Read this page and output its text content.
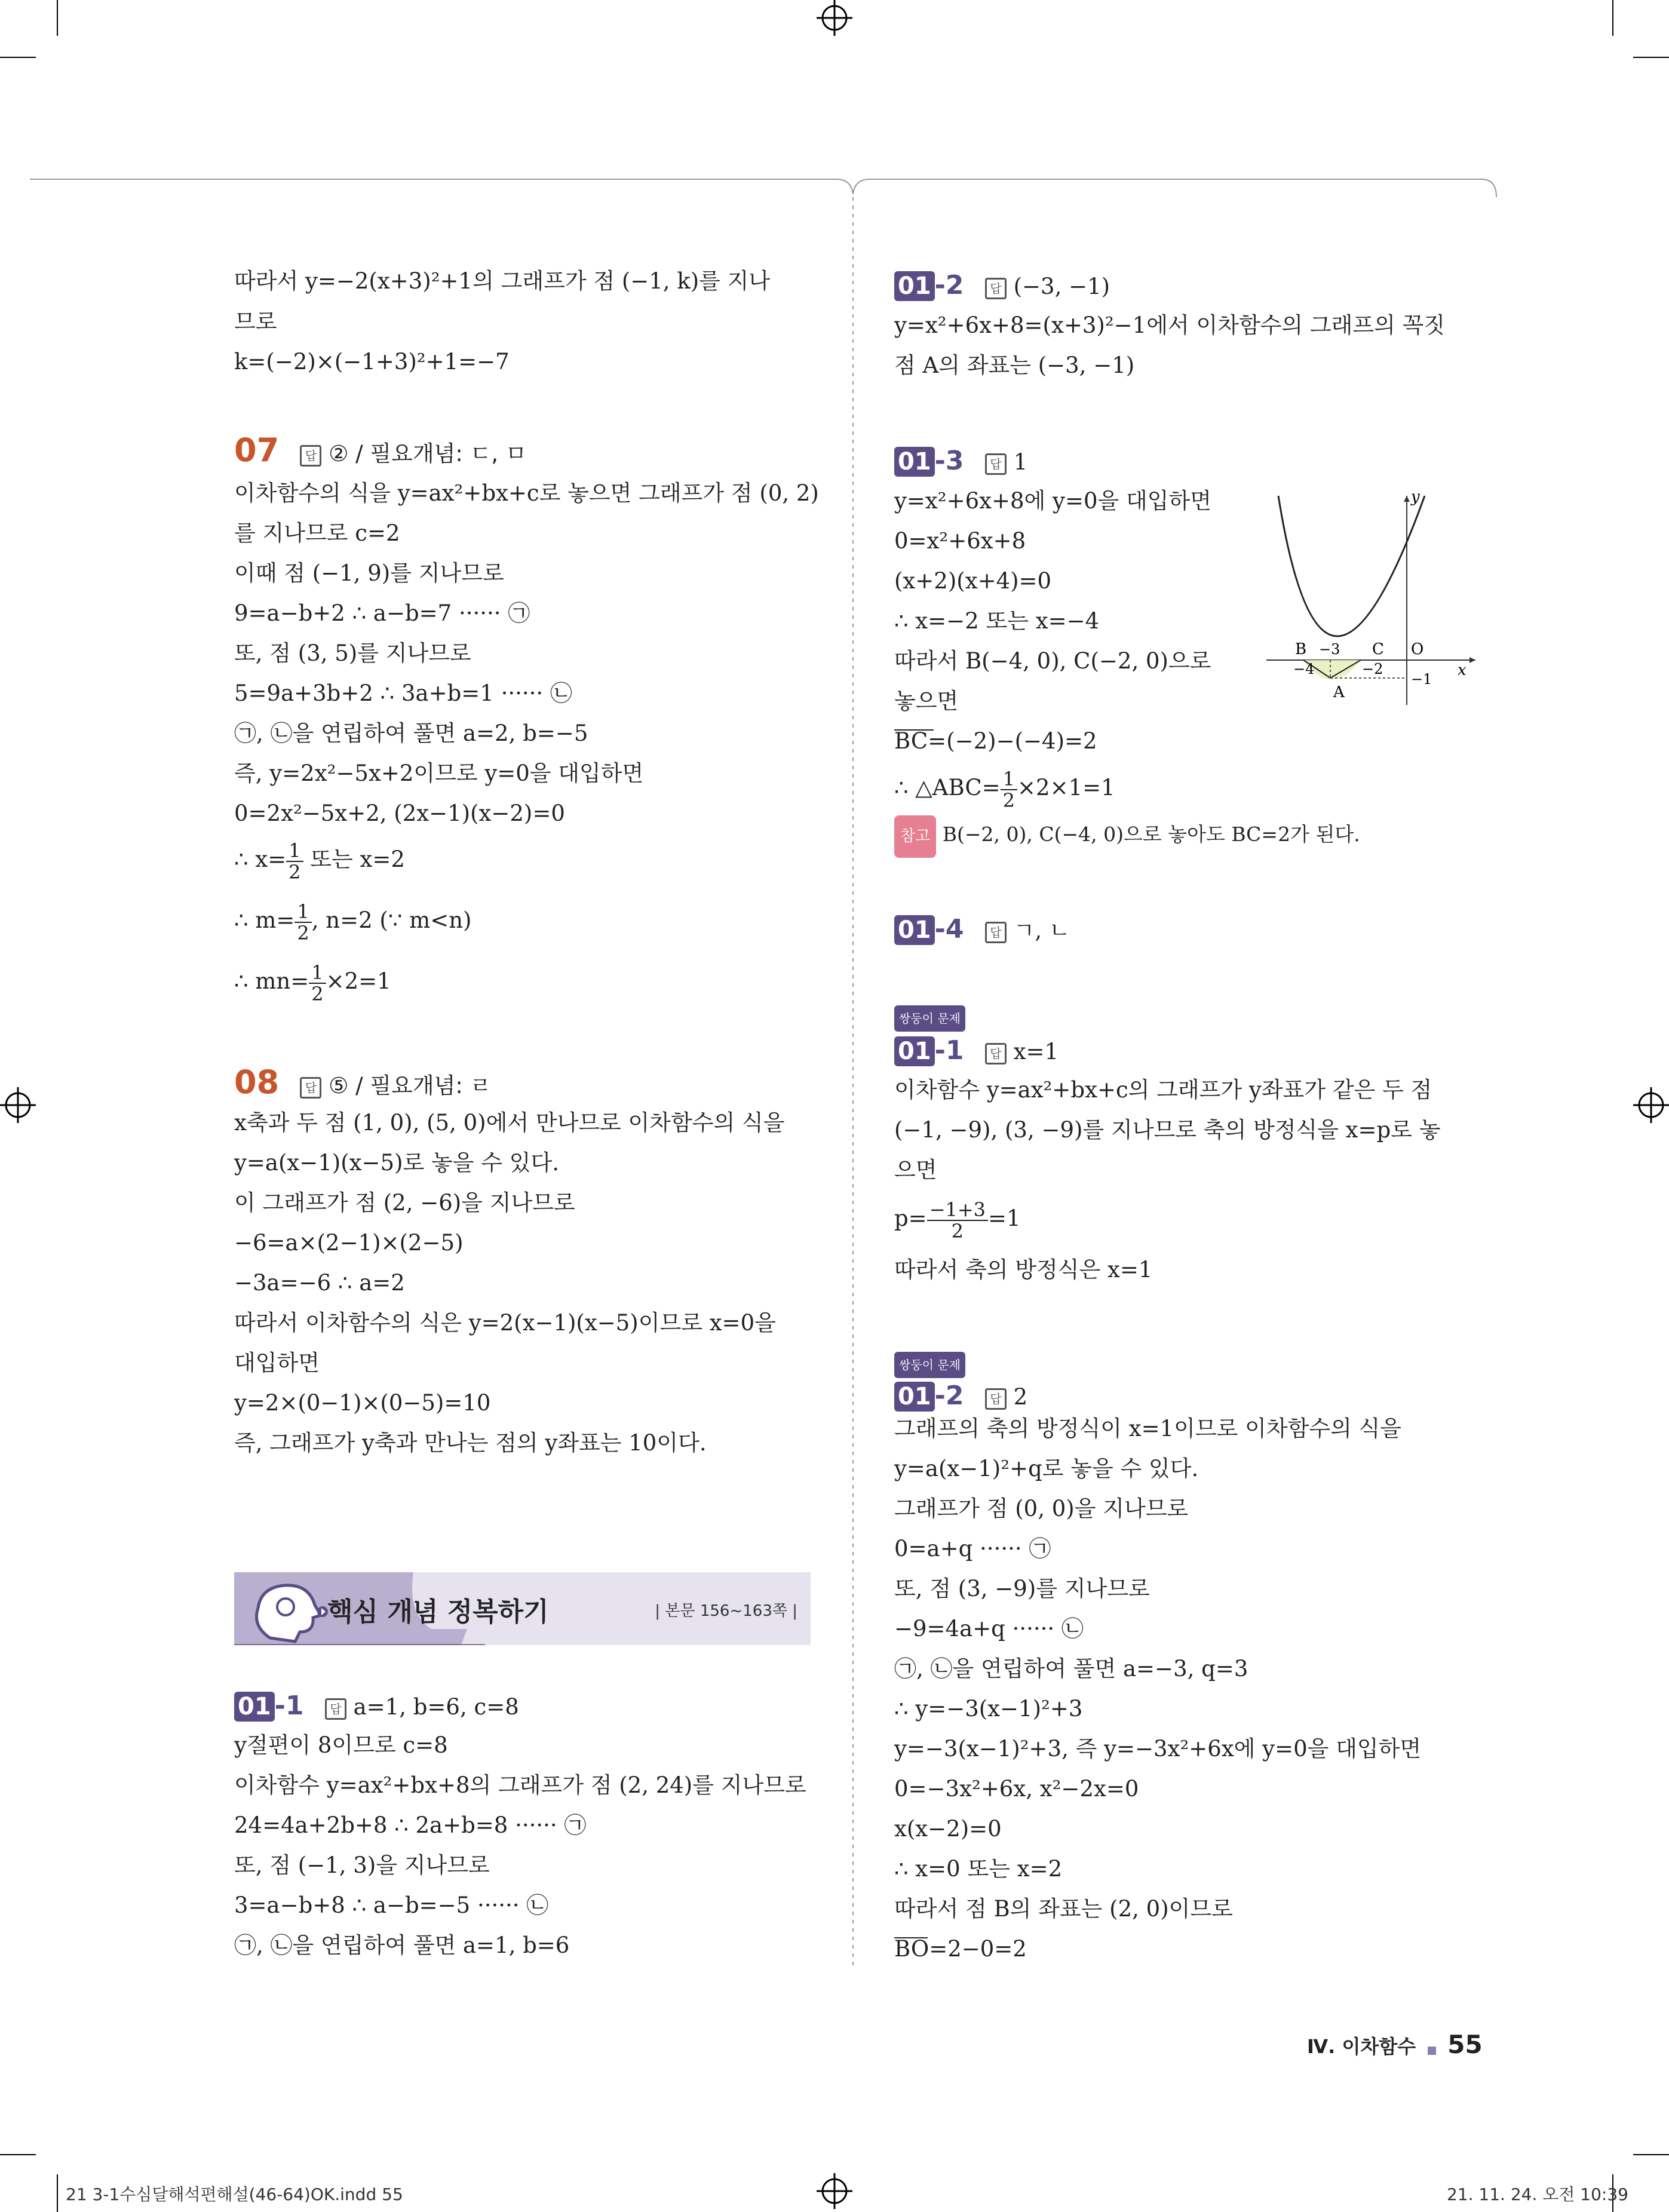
따라서 y=−2(x+3)²+1의 그래프가 점 (−1, k)를 지나
므로
k=(−2)×(−1+3)²+1=−7
07 답 ② / 필요개념: ㄷ, ㅁ
이차함수의 식을 y=ax²+bx+c로 놓으면 그래프가 점 (0, 2)
를 지나므로 c=2
이때 점 (−1, 9)를 지나므로
9=a−b+2 ∴ a−b=7 ······ ㉠
또, 점 (3, 5)를 지나므로
5=9a+3b+2 ∴ 3a+b=1 ······ ㉡
㉠, ㉡을 연립하여 풀면 a=2, b=−5
즉, y=2x²−5x+2이므로 y=0을 대입하면
0=2x²−5x+2, (2x−1)(x−2)=0
∴ $x= \frac{1}{2}$ 또는 x=2
∴ $m= \frac{1}{2}$ , n=2 (∵ m<n)
∴ $mn= \frac{1}{2} \times 2=1$
08 답 ⑤ / 필요개념: ㄹ
x축과 두 점 (1, 0), (5, 0)에서 만나므로 이차함수의 식을
y=a(x−1)(x−5)로 놓을 수 있다.
이 그래프가 점 (2, −6)을 지나므로
−6=a×(2−1)×(2−5)
−3a=−6 ∴ a=2
따라서 이차함수의 식은 y=2(x−1)(x−5)이므로 x=0을
대입하면
y=2×(0−1)×(0−5)=10
즉, 그래프가 y축과 만나는 점의 y좌표는 10이다.
핵심 개념 정복하기	| 본문 156~163쪽 |
01 -1 답 a=1, b=6, c=8
y절편이 8이므로 c=8
이차함수 y=ax²+bx+8의 그래프가 점 (2, 24)를 지나므로
24=4a+2b+8 ∴ 2a+b=8 ······ ㉠
또, 점 (−1, 3)을 지나므로
3=a−b+8 ∴ a−b=−5 ······ ㉡
㉠, ㉡을 연립하여 풀면 a=1, b=6
01 -2 답 (−3, −1)
y=x²+6x+8=(x+3)²−1에서 이차함수의 그래프의 꼭짓
점 A의 좌표는 (−3, −1)
01 -3 답 1
y=x²+6x+8에 y=0을 대입하면
0=x²+6x+8
(x+2)(x+4)=0
∴ x=−2 또는 x=−4
따라서 B(−4, 0), C(−2, 0)으로
놓으면
BC=(−2)−(−4)=2
∴ △ABC= $\frac{1}{2} \times 2\times 1=1$
참고 B(−2, 0), C(−4, 0)으로 놓아도 BC=2가 된다.
01 -4 답 ㄱ, ㄴ
쌍둥이 문제
01 -1 답 x=1
이차함수 y=ax²+bx+c의 그래프가 y좌표가 같은 두 점
(−1, −9), (3, −9)를 지나므로 축의 방정식을 x=p로 놓
으면
$p= \frac{-1+3}{2} =1$
따라서 축의 방정식은 x=1
쌍둥이 문제
01 -2 답 2
그래프의 축의 방정식이 x=1이므로 이차함수의 식을
y=a(x−1)²+q로 놓을 수 있다.
그래프가 점 (0, 0)을 지나므로
0=a+q ······ ㉠
또, 점 (3, −9)를 지나므로
−9=4a+q ······ ㉡
㉠, ㉡을 연립하여 풀면 a=−3, q=3
∴ y=−3(x−1)²+3
y=−3(x−1)²+3, 즉 y=−3x²+6x에 y=0을 대입하면
0=−3x²+6x, x²−2x=0
x(x−2)=0
∴ x=0 또는 x=2
따라서 점 B의 좌표는 (2, 0)이므로
BO=2−0=2
y
x
B −3 C O
−4	−2
−1
A
Ⅳ. 이차함수 55
21 3-1수심달해석편해설(46-64)OK.indd 55	21. 11. 24. 오전 10:39
